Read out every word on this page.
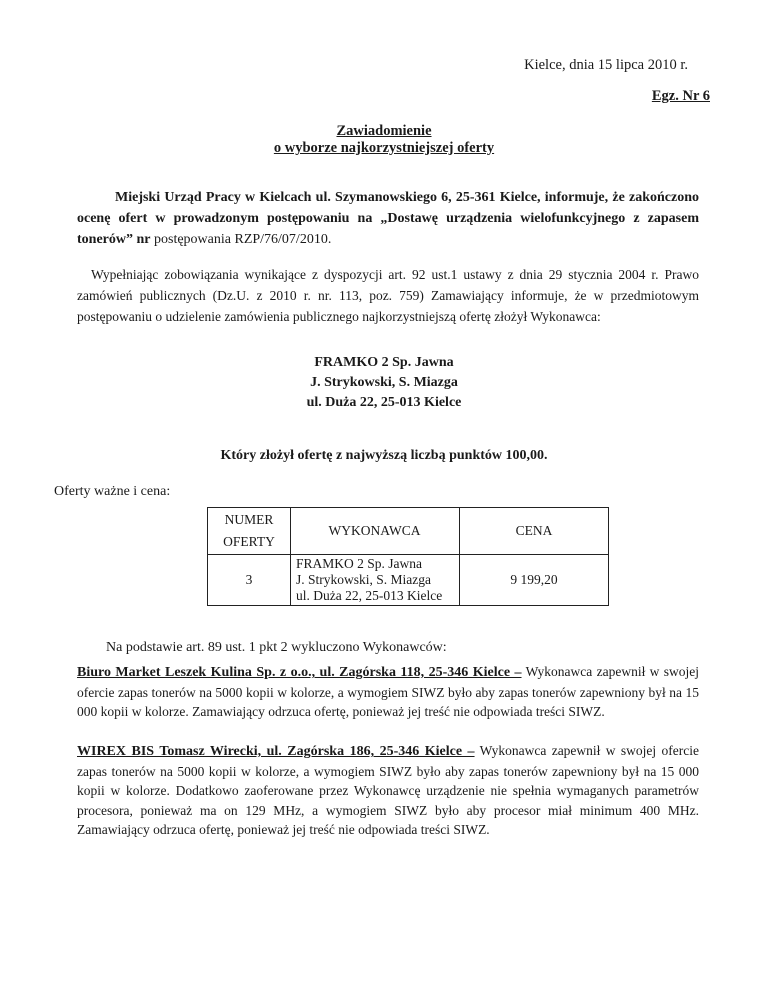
Kielce, dnia 15 lipca 2010 r.
Egz. Nr 6
Zawiadomienie
o wyborze najkorzystniejszej oferty
Miejski Urząd Pracy w Kielcach ul. Szymanowskiego 6, 25-361 Kielce, informuje, że zakończono ocenę ofert w prowadzonym postępowaniu na „Dostawę urządzenia wielofunkcyjnego z zapasem tonerów” nr postępowania RZP/76/07/2010.
Wypełniając zobowiązania wynikające z dyspozycji art. 92 ust.1 ustawy z dnia 29 stycznia 2004 r. Prawo zamówień publicznych (Dz.U. z 2010 r. nr. 113, poz. 759) Zamawiający informuje, że w przedmiotowym postępowaniu o udzielenie zamówienia publicznego najkorzystniejszą ofertę złożył Wykonawca:
FRAMKO 2 Sp. Jawna
J. Strykowski, S. Miazga
ul. Duża 22, 25-013 Kielce
Który złożył ofertę z najwyższą liczbą punktów 100,00.
Oferty ważne i cena:
NUMER
OFERTY	WYKONAWCA	CENA
3	FRAMKO 2 Sp. Jawna
J. Strykowski, S. Miazga
ul. Duża 22, 25-013 Kielce	9 199,20
Na podstawie art. 89 ust. 1 pkt 2 wykluczono Wykonawców:
Biuro Market Leszek Kulina Sp. z o.o., ul. Zagórska 118, 25-346 Kielce – Wykonawca zapewnił w swojej ofercie zapas tonerów na 5000 kopii w kolorze, a wymogiem SIWZ było aby zapas tonerów zapewniony był na 15 000 kopii w kolorze. Zamawiający odrzuca ofertę, ponieważ jej treść nie odpowiada treści SIWZ.
WIREX BIS Tomasz Wirecki, ul. Zagórska 186, 25-346 Kielce – Wykonawca zapewnił w swojej ofercie zapas tonerów na 5000 kopii w kolorze, a wymogiem SIWZ było aby zapas tonerów zapewniony był na 15 000 kopii w kolorze. Dodatkowo zaoferowane przez Wykonawcę urządzenie nie spełnia wymaganych parametrów procesora, ponieważ ma on 129 MHz, a wymogiem SIWZ było aby procesor miał minimum 400 MHz. Zamawiający odrzuca ofertę, ponieważ jej treść nie odpowiada treści SIWZ.
